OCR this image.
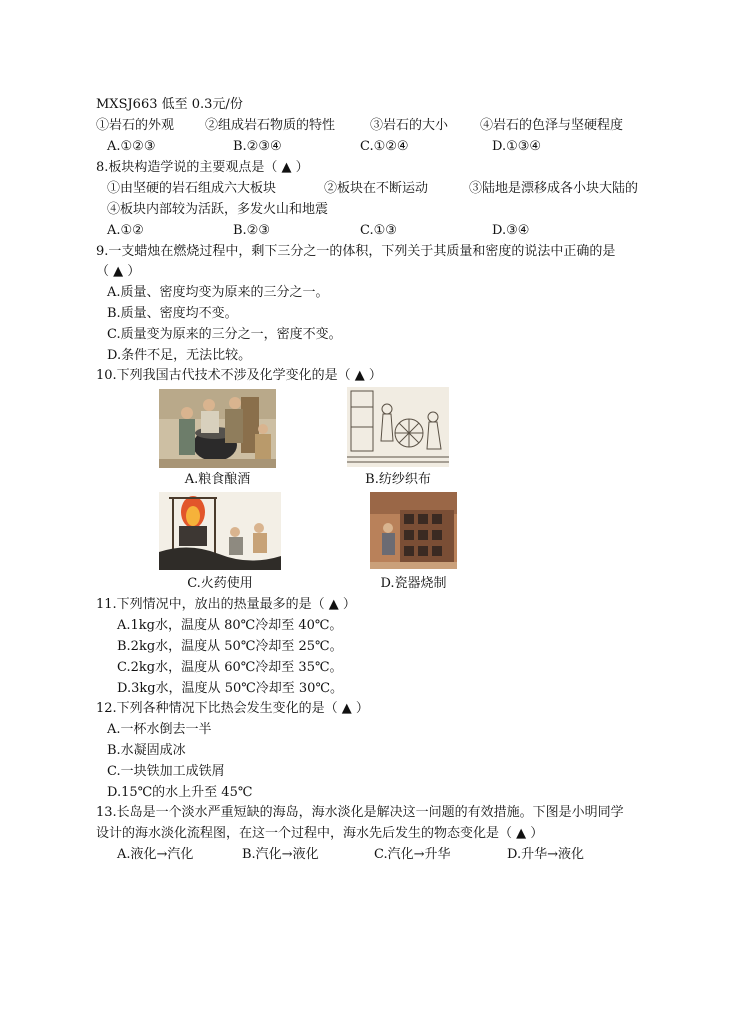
MXSJ663 低至 0.3元/份
①岩石的外观 ②组成岩石物质的特性	③岩石的大小 ④岩石的色泽与坚硬程度
A.①②③	B.②③④	C.①②④	D.①③④
8.板块构造学说的主要观点是（ ▲ ）
①由坚硬的岩石组成六大板块	②板块在不断运动	③陆地是漂移成各小块大陆的
④板块内部较为活跃，多发火山和地震
A.①②	B.②③	C.①③	D.③④
9.一支蜡烛在燃烧过程中，剩下三分之一的体积，下列关于其质量和密度的说法中正确的是
（ ▲ ）
A.质量、密度均变为原来的三分之一。
B.质量、密度均不变。
C.质量变为原来的三分之一，密度不变。
D.条件不足，无法比较。
10.下列我国古代技术不涉及化学变化的是（ ▲ ）
A.粮食酿酒	B.纺纱织布
C.火药使用	D.瓷器烧制
11.下列情况中，放出的热量最多的是（ ▲ ）
A.1kg水，温度从 80℃冷却至 40℃。
B.2kg水，温度从 50℃冷却至 25℃。
C.2kg水，温度从 60℃冷却至 35℃。
D.3kg水，温度从 50℃冷却至 30℃。
12.下列各种情况下比热会发生变化的是（ ▲ ）
A.一杯水倒去一半
B.水凝固成冰
C.一块铁加工成铁屑
D.15℃的水上升至 45℃
13.长岛是一个淡水严重短缺的海岛，海水淡化是解决这一问题的有效措施。下图是小明同学
设计的海水淡化流程图，在这一个过程中，海水先后发生的物态变化是（ ▲ ）
A.液化→汽化	B.汽化→液化	C.汽化→升华	D.升华→液化
